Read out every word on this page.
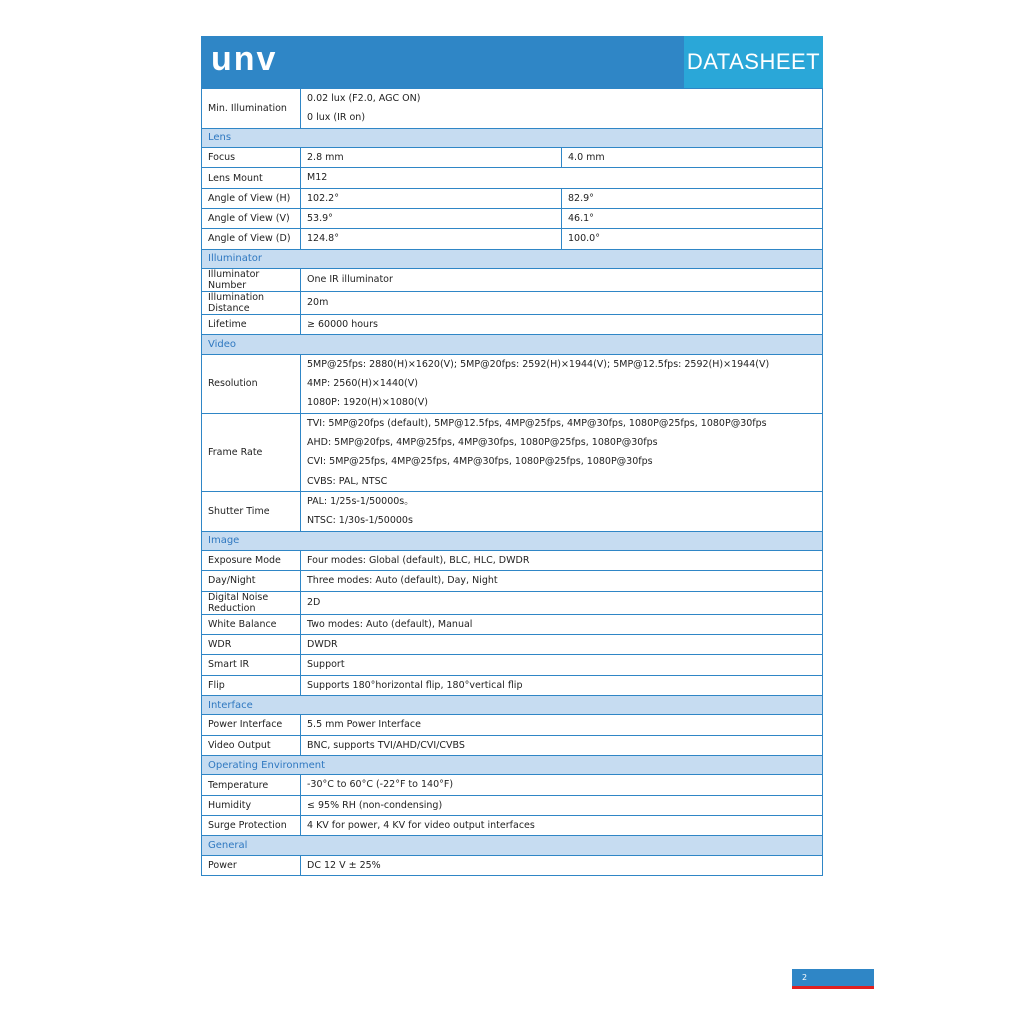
unv	DATASHEET
Min. Illumination	0.02 lux (F2.0, AGC ON)
0 lux (IR on)	

Lens		
Focus	2.8 mm	4.0 mm
Lens Mount	M12	

Angle of View (H)	102.2°	82.9°
Angle of View (V)	53.9°	46.1°
Angle of View (D)	124.8°	100.0°
Illuminator		
Illuminator Number	One IR illuminator	

Illumination Distance	20m	

Lifetime	≥ 60000 hours	

Video		
Resolution	5MP@25fps: 2880(H)×1620(V); 5MP@20fps: 2592(H)×1944(V); 5MP@12.5fps: 2592(H)×1944(V)
4MP: 2560(H)×1440(V)
1080P: 1920(H)×1080(V)	

Frame Rate	TVI: 5MP@20fps (default), 5MP@12.5fps, 4MP@25fps, 4MP@30fps, 1080P@25fps, 1080P@30fps
AHD: 5MP@20fps, 4MP@25fps, 4MP@30fps, 1080P@25fps, 1080P@30fps
CVI: 5MP@25fps, 4MP@25fps, 4MP@30fps, 1080P@25fps, 1080P@30fps
CVBS: PAL, NTSC	

Shutter Time	PAL: 1/25s-1/50000s。
NTSC: 1/30s-1/50000s	

Image		
Exposure Mode	Four modes: Global (default), BLC, HLC, DWDR	

Day/Night	Three modes: Auto (default), Day, Night	

Digital Noise Reduction	2D	

White Balance	Two modes: Auto (default), Manual	

WDR	DWDR	

Smart IR	Support	

Flip	Supports 180°horizontal flip, 180°vertical flip	

Interface		
Power Interface	5.5 mm Power Interface	

Video Output	BNC, supports TVI/AHD/CVI/CVBS	

Operating Environment		
Temperature	-30°C to 60°C (-22°F to 140°F)	

Humidity	≤ 95% RH (non-condensing)	

Surge Protection	4 KV for power, 4 KV for video output interfaces	

General		
Power	DC 12 V ± 25%	
2
